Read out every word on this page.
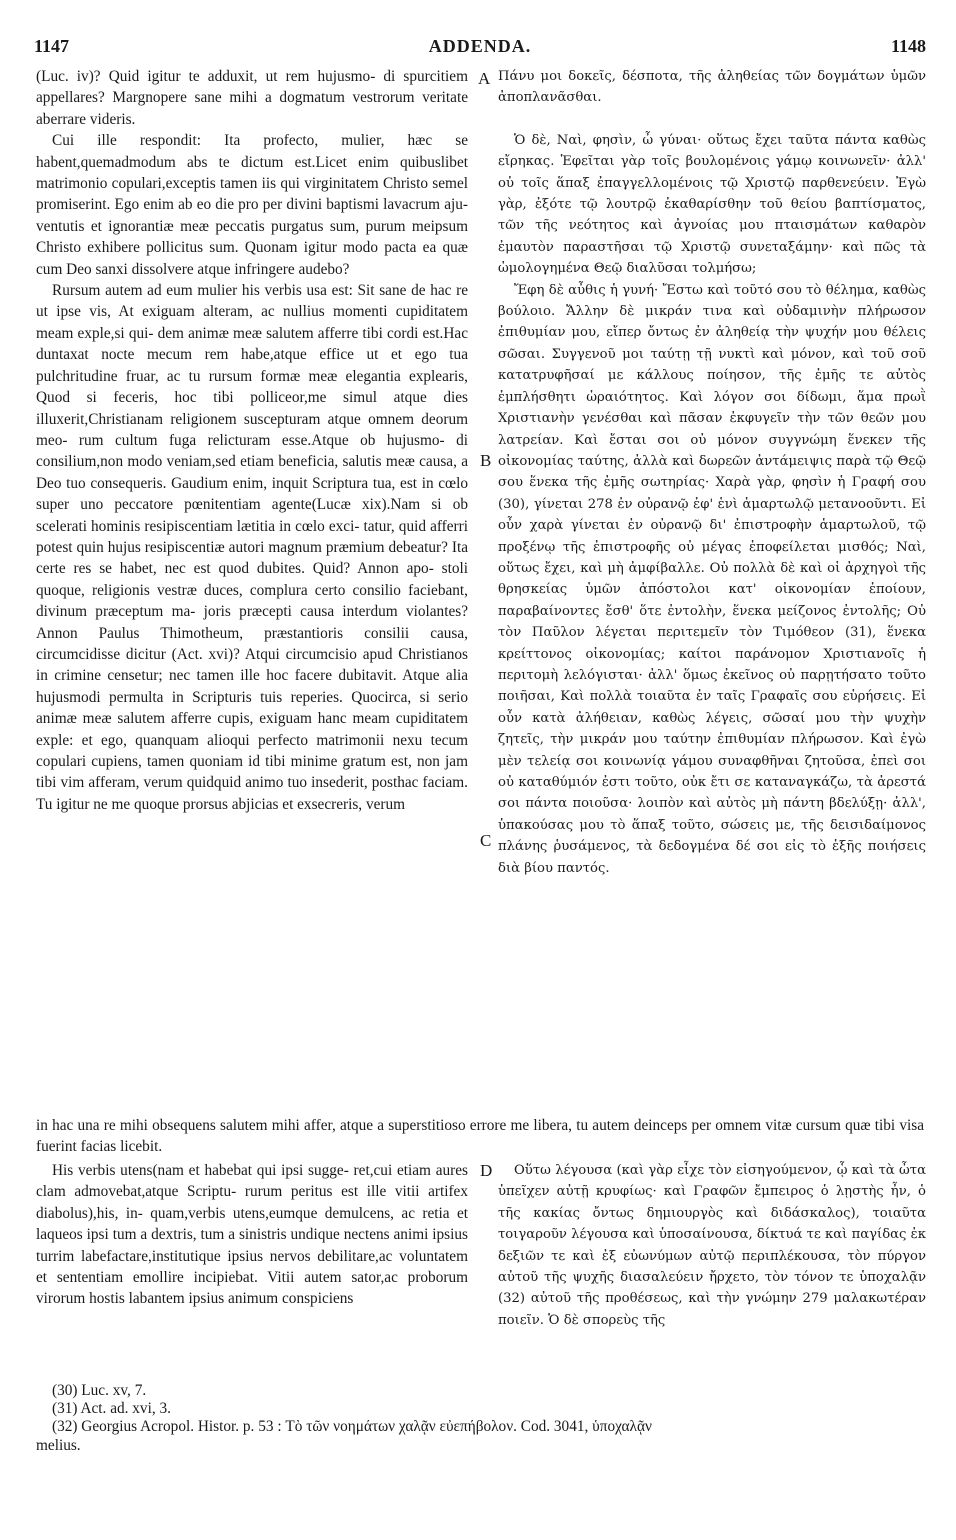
1147	ADDENDA.	1148

(Luc. iv)? Quid igitur te adduxit, ut rem hujusmo- di spurcitiem appellares? Margnopere sane mihi a dogmatum vestrorum veritate aberrare videris.

Cui ille respondit: Ita profecto, mulier, hæc se habent,quemadmodum abs te dictum est.Licet enim quibuslibet matrimonio copulari,exceptis tamen iis qui virginitatem Christo semel promiserint. Ego enim ab eo die pro per divini baptismi lavacrum aju- ventutis et ignorantiæ meæ peccatis purgatus sum, purum meipsum Christo exhibere pollicitus sum. Quonam igitur modo pacta ea quæ cum Deo sanxi dissolvere atque infringere audebo?

Rursum autem ad eum mulier his verbis usa est: Sit sane de hac re ut ipse vis, At exiguam alteram, ac nullius momenti cupiditatem meam exple,si qui- dem animæ meæ salutem afferre tibi cordi est.Hac duntaxat nocte mecum rem habe,atque effice ut et ego tua pulchritudine fruar, ac tu rursum formæ meæ elegantia explearis, Quod si feceris, hoc tibi polliceor,me simul atque dies illuxerit,Christianam religionem suscepturam atque omnem deorum meo- rum cultum fuga relicturam esse.Atque ob hujusmo- di consilium,non modo veniam,sed etiam beneficia, salutis meæ causa, a Deo tuo consequeris. Gaudium enim, inquit Scriptura tua, est in cœlo super uno peccatore pœnitentiam agente(Lucæ xix).Nam si ob scelerati hominis resipiscentiam lætitia in cœlo exci- tatur, quid afferri potest quin hujus resipiscentiæ autori magnum præmium debeatur? Ita certe res se habet, nec est quod dubites. Quid? Annon apo- stoli quoque, religionis vestræ duces, complura certo consilio faciebant, divinum præceptum ma- joris præcepti causa interdum violantes? Annon Paulus Thimotheum, præstantioris consilii causa, circumcidisse dicitur (Act. xvi)? Atqui circumcisio apud Christianos in crimine censetur; nec tamen ille hoc facere dubitavit. Atque alia hujusmodi permulta in Scripturis tuis reperies. Quocirca, si serio animæ meæ salutem afferre cupis, exiguam hanc meam cupiditatem exple: et ego, quanquam alioqui perfecto matrimonii nexu tecum copulari cupiens, tamen quoniam id tibi minime gratum est, non jam tibi vim afferam, verum quidquid animo tuo insederit, posthac faciam. Tu igitur ne me quoque prorsus abjicias et exsecreris, verum

Πάνυ μοι δοκεῖς, δέσποτα, τῆς ἀληθείας τῶν δογμάτων ὑμῶν ἀποπλανᾶσθαι.

Ὁ δὲ, Ναὶ, φησὶν, ὦ γύναι· οὕτως ἔχει ταῦτα πάντα καθὼς εἴρηκας. Ἐφεῖται γὰρ τοῖς βουλομένοις γάμῳ κοινωνεῖν· ἀλλ' οὐ τοῖς ἅπαξ ἐπαγγελλομένοις τῷ Χριστῷ παρθενεύειν. Ἐγὼ γὰρ, ἐξότε τῷ λουτρῷ ἐκαθαρίσθην τοῦ θείου βαπτίσματος, τῶν τῆς νεότητος καὶ ἀγνοίας μου πταισμάτων καθαρὸν ἐμαυτὸν παραστῆσαι τῷ Χριστῷ συνεταξάμην· καὶ πῶς τὰ ὡμολογημένα Θεῷ διαλῦσαι τολμήσω;

Ἔφη δὲ αὖθις ἡ γυνή· Ἔστω καὶ τοῦτό σου τὸ θέλημα, καθὼς βούλοιο. Ἄλλην δὲ μικράν τινα καὶ οὐδαμινὴν πλήρωσον ἐπιθυμίαν μου, εἴπερ ὄντως ἐν ἀληθείᾳ τὴν ψυχήν μου θέλεις σῶσαι. Συγγενοῦ μοι ταύτῃ τῇ νυκτὶ καὶ μόνον, καὶ τοῦ σοῦ κατατρυφῆσαί με κάλλους ποίησον, τῆς ἐμῆς τε αὐτὸς ἐμπλήσθητι ὡραιότητος. Καὶ λόγον σοι δίδωμι, ἅμα πρωῒ Χριστιανὴν γενέσθαι καὶ πᾶσαν ἐκφυγεῖν τὴν τῶν θεῶν μου λατρείαν. Καὶ ἔσται σοι οὐ μόνον συγγνώμη ἕνεκεν τῆς οἰκονομίας ταύτης, ἀλλὰ καὶ δωρεῶν ἀντάμειψις παρὰ τῷ Θεῷ σου ἕνεκα τῆς ἐμῆς σωτηρίας· Χαρὰ γὰρ, φησὶν ἡ Γραφή σου (30), γίνεται 278 ἐν οὐρανῷ ἐφ' ἑνὶ ἁμαρτωλῷ μετανοοῦντι. Εἰ οὖν χαρὰ γίνεται ἐν οὐρανῷ δι' ἐπιστροφὴν ἁμαρτωλοῦ, τῷ προξένῳ τῆς ἐπιστροφῆς οὐ μέγας ἐποφείλεται μισθός; Ναὶ, οὕτως ἔχει, καὶ μὴ ἀμφίβαλλε. Οὐ πολλὰ δὲ καὶ οἱ ἀρχηγοὶ τῆς θρησκείας ὑμῶν ἀπόστολοι κατ' οἰκονομίαν ἐποίουν, παραβαίνοντες ἔσθ' ὅτε ἐντολὴν, ἕνεκα μείζονος ἐντολῆς; Οὐ τὸν Παῦλον λέγεται περιτεμεῖν τὸν Τιμόθεον (31), ἕνεκα κρείττονος οἰκονομίας; καίτοι παράνομον Χριστιανοῖς ἡ περιτομὴ λελόγισται· ἀλλ' ὅμως ἐκεῖνος οὐ παρῃτήσατο τοῦτο ποιῆσαι, Καὶ πολλὰ τοιαῦτα ἐν ταῖς Γραφαῖς σου εὑρήσεις. Εἰ οὖν κατὰ ἀλήθειαν, καθὼς λέγεις, σῶσαί μου τὴν ψυχὴν ζητεῖς, τὴν μικράν μου ταύτην ἐπιθυμίαν πλήρωσον. Καὶ ἐγὼ μὲν τελείᾳ σοι κοινωνίᾳ γάμου συναφθῆναι ζητοῦσα, ἐπεὶ σοι οὐ καταθύμιόν ἐστι τοῦτο, οὐκ ἔτι σε καταναγκάζω, τὰ ἀρεστά σοι πάντα ποιοῦσα· λοιπὸν καὶ αὐτὸς μὴ πάντη βδελύξῃ· ἀλλ', ὑπακούσας μου τὸ ἅπαξ τοῦτο, σώσεις με, τῆς δεισιδαίμονος πλάνης ῥυσάμενος, τὰ δεδογμένα δέ σοι εἰς τὸ ἑξῆς ποιήσεις διὰ βίου παντός.

A
B
C
D

in hac una re mihi obsequens salutem mihi affer, atque a superstitioso errore me libera, tu autem deinceps per omnem vitæ cursum quæ tibi visa fuerint facias licebit.

His verbis utens(nam et habebat qui ipsi sugge- ret,cui etiam aures clam admovebat,atque Scriptu- rurum peritus est ille vitii artifex diabolus),his, in- quam,verbis utens,eumque demulcens, ac retia et laqueos ipsi tum a dextris, tum a sinistris undique nectens animi ipsius turrim labefactare,institutique ipsius nervos debilitare,ac voluntatem et sententiam emollire incipiebat. Vitii autem sator,ac proborum virorum hostis labantem ipsius animum conspiciens

Οὕτω λέγουσα (καὶ γὰρ εἶχε τὸν εἰσηγούμενον, ᾧ καὶ τὰ ὦτα ὑπεῖχεν αὐτῇ κρυφίως· καὶ Γραφῶν ἔμπειρος ὁ λῃστὴς ἦν, ὁ τῆς κακίας ὄντως δημιουργὸς καὶ διδάσκαλος), τοιαῦτα τοιγαροῦν λέγουσα καὶ ὑποσαίνουσα, δίκτυά τε καὶ παγίδας ἐκ δεξιῶν τε καὶ ἐξ εὐωνύμων αὐτῷ περιπλέκουσα, τὸν πύργον αὐτοῦ τῆς ψυχῆς διασαλεύειν ἤρχετο, τὸν τόνον τε ὑποχαλᾷν (32) αὐτοῦ τῆς προθέσεως, καὶ τὴν γνώμην 279 μαλακωτέραν ποιεῖν. Ὁ δὲ σπορεὺς τῆς

(30) Luc. xv, 7.
(31) Act. ad. xvi, 3.
(32) Georgius Acropol. Histor. p. 53 : Τὸ τῶν νοημάτων χαλᾷν εὐεπήβολον. Cod. 3041, ὑποχαλᾷν
melius.
